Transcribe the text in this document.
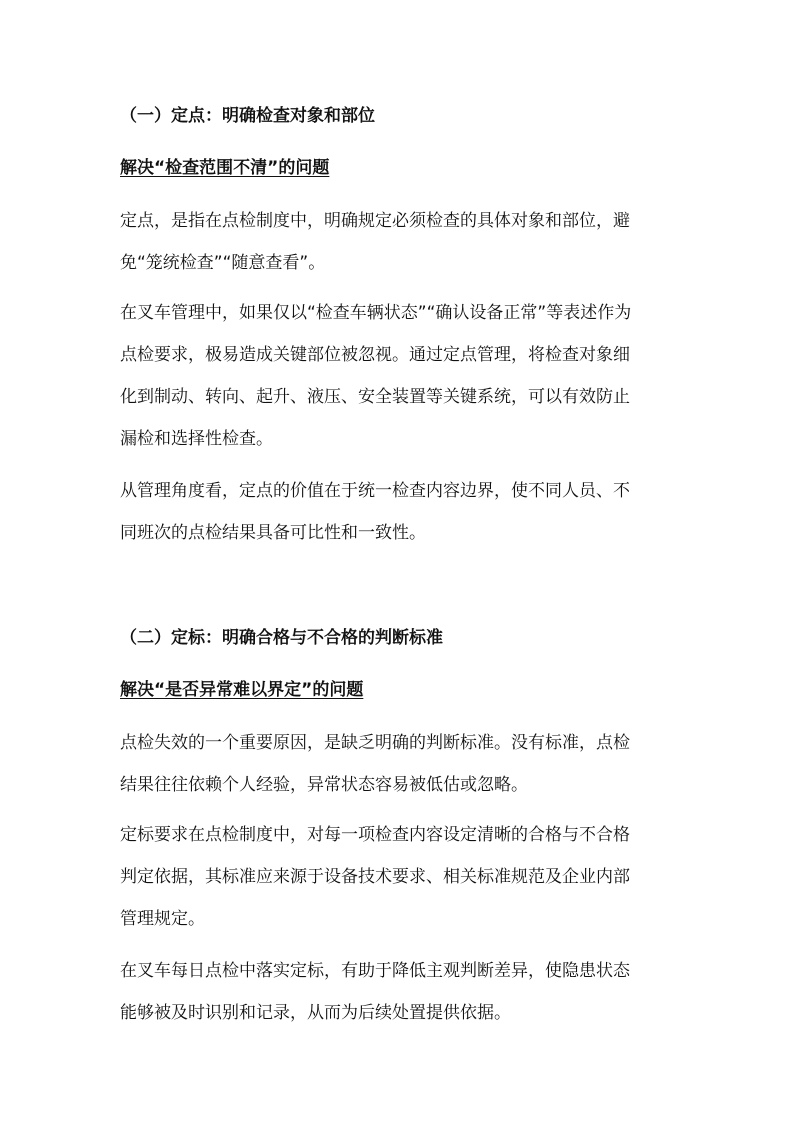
（一）定点：明确检查对象和部位
解决“检查范围不清”的问题

定点，是指在点检制度中，明确规定必须检查的具体对象和部位，避

免“笼统检查”“随意查看”。

在叉车管理中，如果仅以“检查车辆状态”“确认设备正常”等表述作为

点检要求，极易造成关键部位被忽视。通过定点管理，将检查对象细

化到制动、转向、起升、液压、安全装置等关键系统，可以有效防止

漏检和选择性检查。

从管理角度看，定点的价值在于统一检查内容边界，使不同人员、不

同班次的点检结果具备可比性和一致性。

（二）定标：明确合格与不合格的判断标准
解决“是否异常难以界定”的问题

点检失效的一个重要原因，是缺乏明确的判断标准。没有标准，点检

结果往往依赖个人经验，异常状态容易被低估或忽略。

定标要求在点检制度中，对每一项检查内容设定清晰的合格与不合格

判定依据，其标准应来源于设备技术要求、相关标准规范及企业内部

管理规定。

在叉车每日点检中落实定标，有助于降低主观判断差异，使隐患状态

能够被及时识别和记录，从而为后续处置提供依据。
